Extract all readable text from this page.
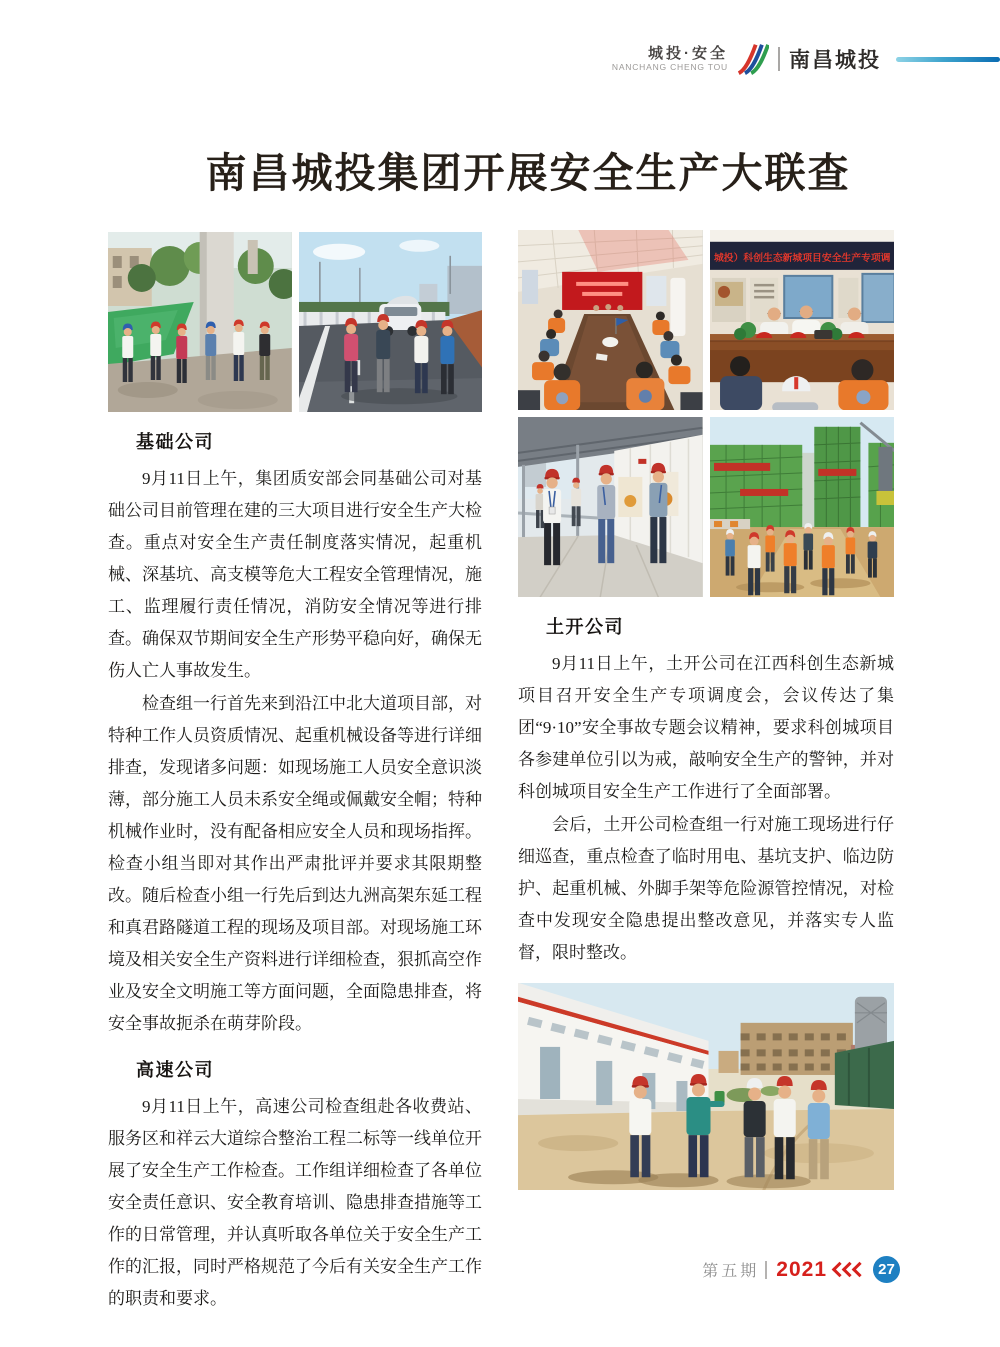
城投·安全
NANCHANG CHENG TOU	南昌城投
南昌城投集团开展安全生产大联查
基础公司

9月11日上午，集团质安部会同基础公司对基础公司目前管理在建的三大项目进行安全生产大检查。重点对安全生产责任制度落实情况，起重机械、深基坑、高支模等危大工程安全管理情况，施工、监理履行责任情况，消防安全情况等进行排查。确保双节期间安全生产形势平稳向好，确保无伤人亡人事故发生。

检查组一行首先来到沿江中北大道项目部，对特种工作人员资质情况、起重机械设备等进行详细排查，发现诸多问题：如现场施工人员安全意识淡薄，部分施工人员未系安全绳或佩戴安全帽；特种机械作业时，没有配备相应安全人员和现场指挥。检查小组当即对其作出严肃批评并要求其限期整改。随后检查小组一行先后到达九洲高架东延工程和真君路隧道工程的现场及项目部。对现场施工环境及相关安全生产资料进行详细检查，狠抓高空作业及安全文明施工等方面问题，全面隐患排查，将安全事故扼杀在萌芽阶段。

高速公司

9月11日上午，高速公司检查组赴各收费站、服务区和祥云大道综合整治工程二标等一线单位开展了安全生产工作检查。工作组详细检查了各单位安全责任意识、安全教育培训、隐患排查措施等工作的日常管理，并认真听取各单位关于安全生产工作的汇报，同时严格规范了今后有关安全生产工作的职责和要求。

城投）科创生态新城项目安全生产专项调
土开公司

9月11日上午，土开公司在江西科创生态新城项目召开安全生产专项调度会，会议传达了集团“9·10”安全事故专题会议精神，要求科创城项目各参建单位引以为戒，敲响安全生产的警钟，并对科创城项目安全生产工作进行了全面部署。

会后，土开公司检查组一行对施工现场进行仔细巡查，重点检查了临时用电、基坑支护、临边防护、起重机械、外脚手架等危险源管控情况，对检查中发现安全隐患提出整改意见，并落实专人监督，限时整改。

第五期 2021	27
